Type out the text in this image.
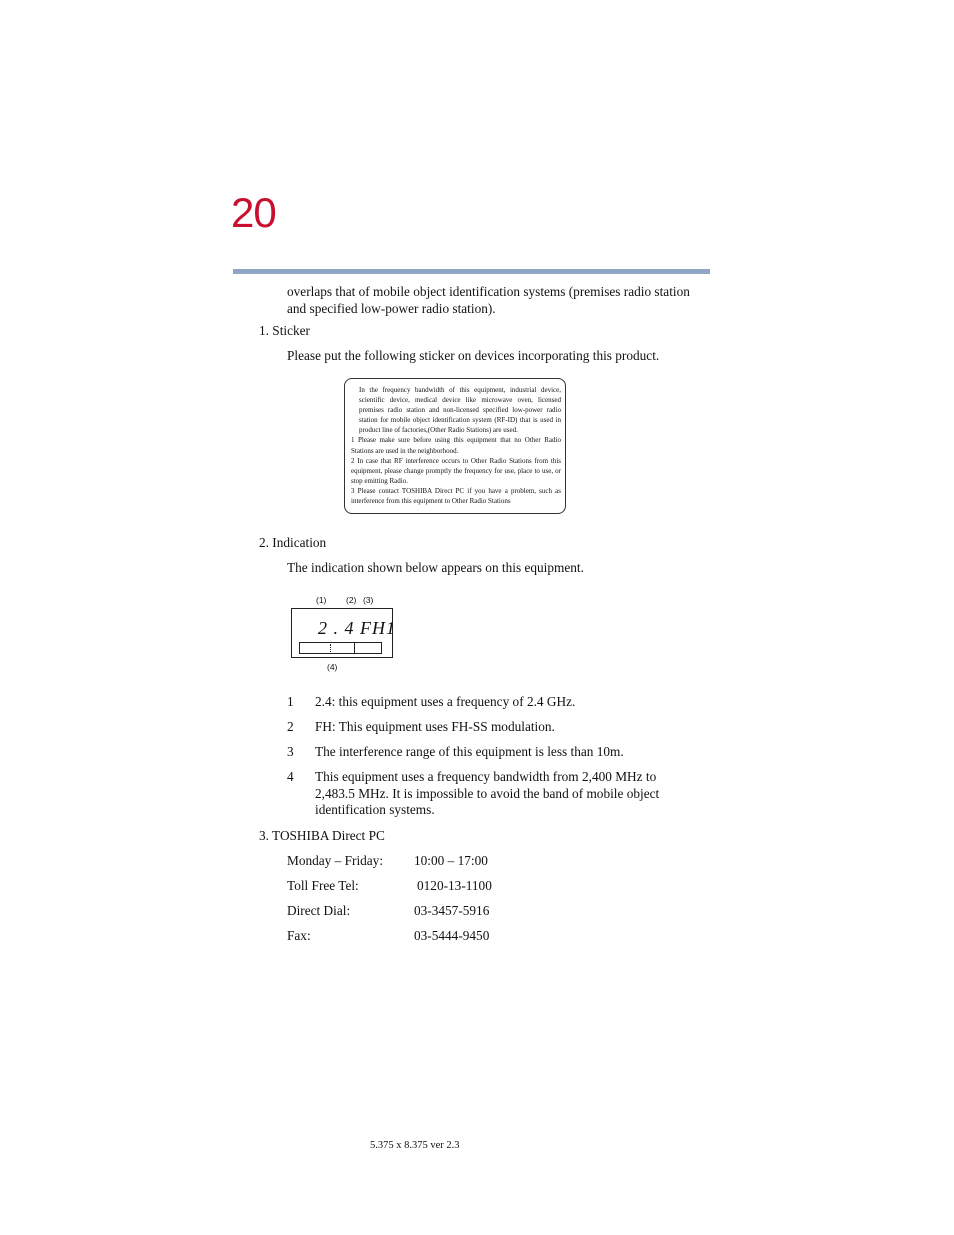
20
overlaps that of mobile object identification systems (premises radio station and specified low-power radio station).
1. Sticker
Please put the following sticker on devices incorporating this product.

In the frequency bandwidth of this equipment, industrial device, scientific device, medical device like microwave oven, licensed premises radio station and non-licensed specified low-power radio station for mobile object identification system (RF-ID) that is used in product line of factories,(Other Radio Stations) are used.

1 Please make sure before using this equipment that no Other Radio Stations are used in the neighborhood.

2 In case that RF interference occurs to Other Radio Stations from this equipment, please change promptly the frequency for use, place to use, or stop emitting Radio.

3 Please contact TOSHIBA Direct PC if you have a problem, such as interference from this equipment to Other Radio Stations

2. Indication
The indication shown below appears on this equipment.
(1) (2) (3)
2 . 4 FH1
(4)
1 2.4: this equipment uses a frequency of 2.4 GHz.
2 FH: This equipment uses FH-SS modulation.
3 The interference range of this equipment is less than 10m.
4 This equipment uses a frequency bandwidth from 2,400 MHz to 2,483.5 MHz. It is impossible to avoid the band of mobile object identification systems.
3. TOSHIBA Direct PC
Monday – Friday: 10:00 – 17:00
Toll Free Tel:	0120-13-1100
Direct Dial:	03-3457-5916
Fax:	03-5444-9450
5.375 x 8.375 ver 2.3
